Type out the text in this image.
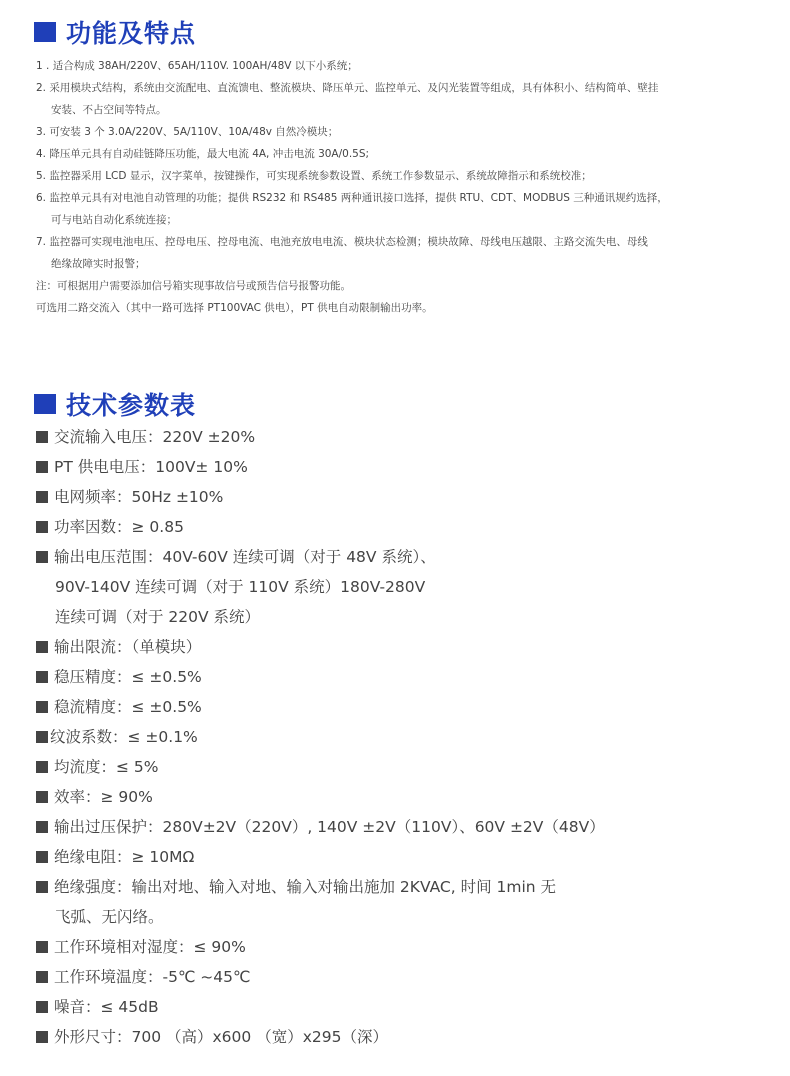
功能及特点
1 . 适合构成 38AH/220V、65AH/110V. 100AH/48V 以下小系统；
2. 采用模块式结构，系统由交流配电、直流馈电、整流模块、降压单元、监控单元、及闪光装置等组成，具有体积小、结构简单、壁挂
安装、不占空间等特点。
3. 可安装 3 个 3.0A/220V、5A/110V、10A/48v 自然冷模块；
4. 降压单元具有自动硅链降压功能，最大电流 4A, 冲击电流 30A/0.5S;
5. 监控器采用 LCD 显示，汉字菜单，按键操作，可实现系统参数设置、系统工作参数显示、系统故障指示和系统校准；
6. 监控单元具有对电池自动管理的功能；提供 RS232 和 RS485 两种通讯接口选择，提供 RTU、CDT、MODBUS 三种通讯规约选择，
可与电站自动化系统连接；
7. 监控器可实现电池电压、控母电压、控母电流、电池充放电电流、模块状态检测；模块故障、母线电压越限、主路交流失电、母线
绝缘故障实时报警；
注：可根据用户需要添加信号箱实现事故信号或预告信号报警功能。
可选用二路交流入（其中一路可选择 PT100VAC 供电），PT 供电自动限制输出功率。
技术参数表
交流输入电压：220V ±20%
PT 供电电压：100V± 10%
电网频率：50Hz ±10%
功率因数：≥ 0.85
输出电压范围：40V-60V 连续可调（对于 48V 系统）、
90V-140V 连续可调（对于 110V 系统）180V-280V
连续可调（对于 220V 系统）
输出限流：（单模块）
稳压精度：≤ ±0.5%
稳流精度：≤ ±0.5%
纹波系数：≤ ±0.1%
均流度：≤ 5%
效率：≥ 90%
输出过压保护：280V±2V（220V）, 140V ±2V（110V）、60V ±2V（48V）
绝缘电阻：≥ 10MΩ
绝缘强度：输出对地、输入对地、输入对输出施加 2KVAC, 时间 1min 无
飞弧、无闪络。
工作环境相对湿度：≤ 90%
工作环境温度：-5℃ ~45℃
噪音：≤ 45dB
外形尺寸：700 （高）x600 （宽）x295（深）
